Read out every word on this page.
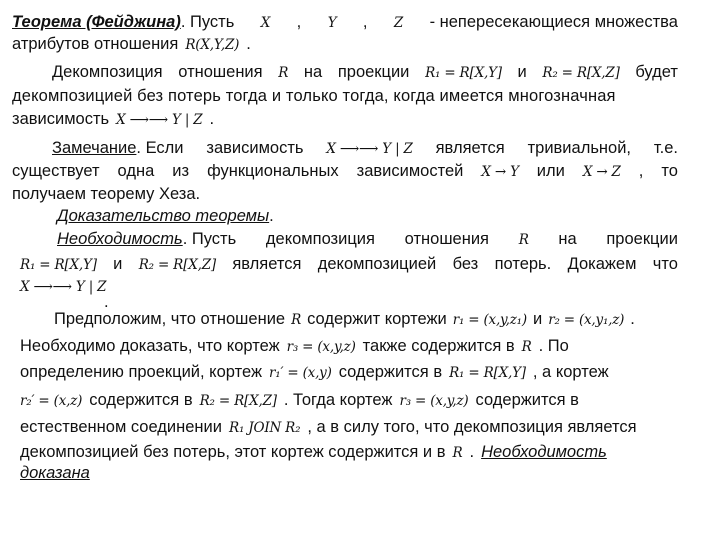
Теорема (Фейджина). Пусть X , Y , Z - непересекающиеся множества
атрибутов отношения R(X,Y,Z) .
Декомпозиция отношения R на проекции R₁ = R[X,Y] и R₂ = R[X,Z] будет
декомпозицией без потерь тогда и только тогда, когда имеется многозначная
зависимость X ⟶⟶ Y | Z .
Замечание. Если зависимость X ⟶⟶ Y | Z является тривиальной, т.е.
существует одна из функциональных зависимостей X → Y или X → Z , то
получаем теорему Хеза.
Доказательство теоремы .
Необходимость. Пусть декомпозиция отношения R на проекции
R₁ = R[X,Y] и R₂ = R[X,Z] является декомпозицией без потерь. Докажем что
X ⟶⟶ Y | Z
.
Предположим, что отношение R содержит кортежи r₁ = (x,y,z₁) и r₂ = (x,y₁,z) .
Необходимо доказать, что кортеж r₃ = (x,y,z) также содержится в R . По
определению проекций, кортеж r₁′ = (x,y) содержится в R₁ = R[X,Y] , а кортеж
r₂′ = (x,z) содержится в R₂ = R[X,Z] . Тогда кортеж r₃ = (x,y,z) содержится в
естественном соединении R₁ JOIN R₂ , а в силу того, что декомпозиция является
декомпозицией без потерь, этот кортеж содержится и в R . Необходимость
доказана
